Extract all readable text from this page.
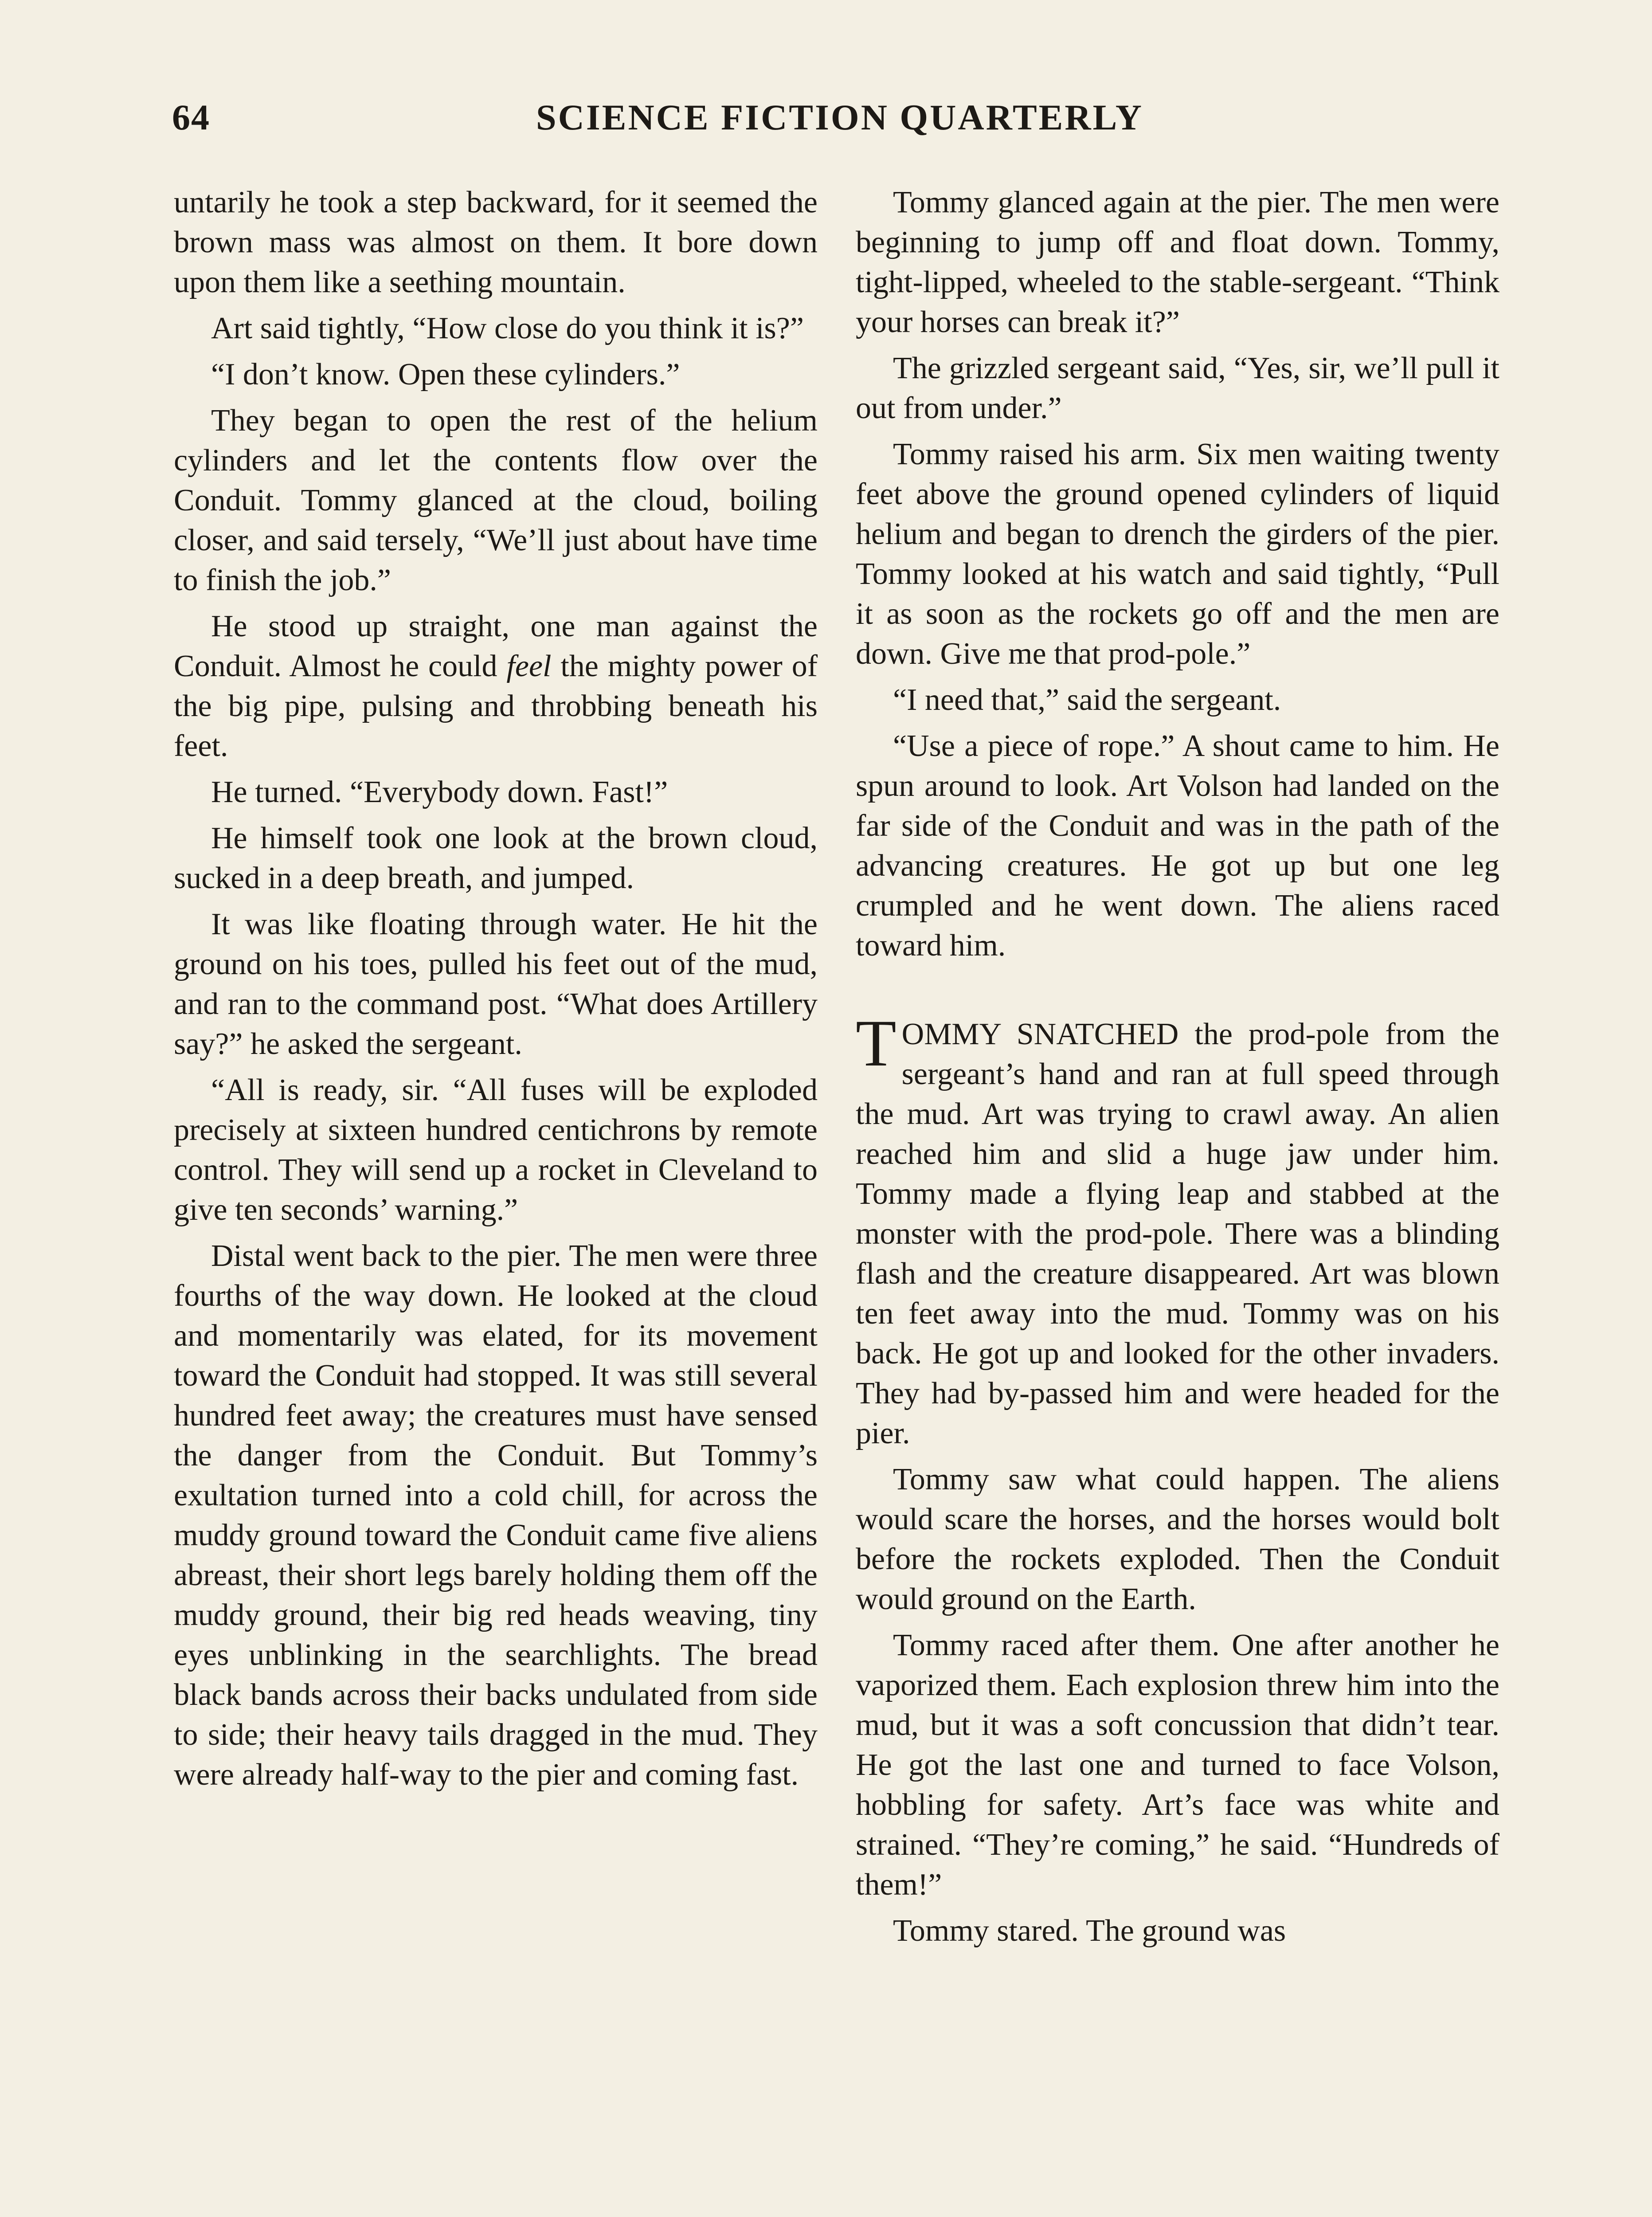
64	SCIENCE FICTION QUARTERLY

untarily he took a step backward, for it seemed the brown mass was almost on them. It bore down upon them like a seething mountain.

Art said tightly, “How close do you think it is?”

“I don’t know. Open these cylinders.”

They began to open the rest of the helium cylinders and let the contents flow over the Conduit. Tommy glanced at the cloud, boiling closer, and said tersely, “We’ll just about have time to finish the job.”

He stood up straight, one man against the Conduit. Almost he could feel the mighty power of the big pipe, pulsing and throbbing beneath his feet.

He turned. “Everybody down. Fast!”

He himself took one look at the brown cloud, sucked in a deep breath, and jumped.

It was like floating through water. He hit the ground on his toes, pulled his feet out of the mud, and ran to the command post. “What does Artillery say?” he asked the sergeant.

“All is ready, sir. “All fuses will be exploded precisely at sixteen hundred centichrons by remote control. They will send up a rocket in Cleveland to give ten seconds’ warning.”

Distal went back to the pier. The men were three fourths of the way down. He looked at the cloud and momentarily was elated, for its movement toward the Conduit had stopped. It was still several hundred feet away; the creatures must have sensed the danger from the Conduit. But Tommy’s exultation turned into a cold chill, for across the muddy ground toward the Conduit came five aliens abreast, their short legs barely holding them off the muddy ground, their big red heads weaving, tiny eyes unblinking in the searchlights. The bread black bands across their backs undulated from side to side; their heavy tails dragged in the mud. They were already half-way to the pier and coming fast.

Tommy glanced again at the pier. The men were beginning to jump off and float down. Tommy, tight-lipped, wheeled to the stable-sergeant. “Think your horses can break it?”

The grizzled sergeant said, “Yes, sir, we’ll pull it out from under.”

Tommy raised his arm. Six men waiting twenty feet above the ground opened cylinders of liquid helium and began to drench the girders of the pier. Tommy looked at his watch and said tightly, “Pull it as soon as the rockets go off and the men are down. Give me that prod-pole.”

“I need that,” said the sergeant.

“Use a piece of rope.” A shout came to him. He spun around to look. Art Volson had landed on the far side of the Conduit and was in the path of the advancing creatures. He got up but one leg crumpled and he went down. The aliens raced toward him.

TOMMY SNATCHED the prod-pole from the sergeant’s hand and ran at full speed through the mud. Art was trying to crawl away. An alien reached him and slid a huge jaw under him. Tommy made a flying leap and stabbed at the monster with the prod-pole. There was a blinding flash and the creature disappeared. Art was blown ten feet away into the mud. Tommy was on his back. He got up and looked for the other invaders. They had by-passed him and were headed for the pier.

Tommy saw what could happen. The aliens would scare the horses, and the horses would bolt before the rockets exploded. Then the Conduit would ground on the Earth.

Tommy raced after them. One after another he vaporized them. Each explosion threw him into the mud, but it was a soft concussion that didn’t tear. He got the last one and turned to face Volson, hobbling for safety. Art’s face was white and strained. “They’re coming,” he said. “Hundreds of them!”

Tommy stared. The ground was
